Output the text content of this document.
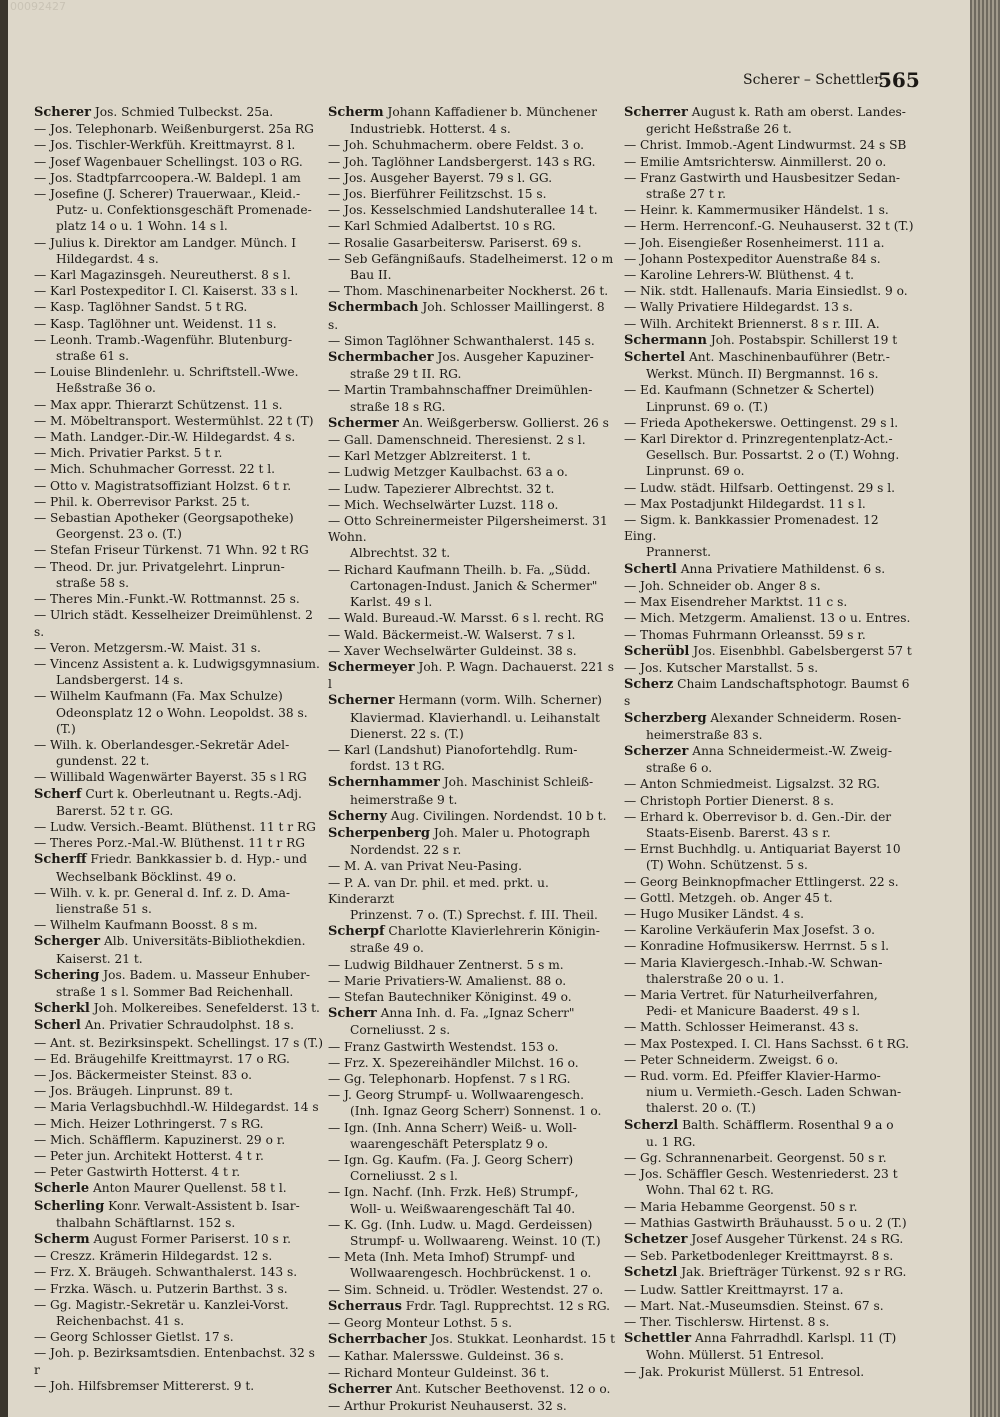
00092427
Scherer – Schettler.
565
Scherer Jos. Schmied Tulbeckst. 25a.
— Jos. Telephonarb. Weißenburgerst. 25a RG
— Jos. Tischler-Werkfüh. Kreittmayrst. 8 l.
— Josef Wagenbauer Schellingst. 103 o RG.
— Jos. Stadtpfarrcoopera.-W. Baldepl. 1 am
— Josefine (J. Scherer) Trauerwaar., Kleid.-
Putz- u. Confektionsgeschäft Promenade-
platz 14 o u. 1 Wohn. 14 s l.
— Julius k. Direktor am Landger. Münch. I
Hildegardst. 4 s.
— Karl Magazinsgeh. Neureutherst. 8 s l.
— Karl Postexpeditor I. Cl. Kaiserst. 33 s l.
— Kasp. Taglöhner Sandst. 5 t RG.
— Kasp. Taglöhner unt. Weidenst. 11 s.
— Leonh. Tramb.-Wagenführ. Blutenburg-
straße 61 s.
— Louise Blindenlehr. u. Schriftstell.-Wwe.
Heßstraße 36 o.
— Max appr. Thierarzt Schützenst. 11 s.
— M. Möbeltransport. Westermühlst. 22 t (T)
— Math. Landger.-Dir.-W. Hildegardst. 4 s.
— Mich. Privatier Parkst. 5 t r.
— Mich. Schuhmacher Gorresst. 22 t l.
— Otto v. Magistratsoffiziant Holzst. 6 t r.
— Phil. k. Oberrevisor Parkst. 25 t.
— Sebastian Apotheker (Georgsapotheke)
Georgenst. 23 o. (T.)
— Stefan Friseur Türkenst. 71 Whn. 92 t RG
— Theod. Dr. jur. Privatgelehrt. Linprun-
straße 58 s.
— Theres Min.-Funkt.-W. Rottmannst. 25 s.
— Ulrich städt. Kesselheizer Dreimühlenst. 2 s.
— Veron. Metzgersm.-W. Maist. 31 s.
— Vincenz Assistent a. k. Ludwigsgymnasium.
Landsbergerst. 14 s.
— Wilhelm Kaufmann (Fa. Max Schulze)
Odeonsplatz 12 o Wohn. Leopoldst. 38 s. (T.)
— Wilh. k. Oberlandesger.-Sekretär Adel-
gundenst. 22 t.
— Willibald Wagenwärter Bayerst. 35 s l RG
Scherf Curt k. Oberleutnant u. Regts.-Adj.
Barerst. 52 t r. GG.
— Ludw. Versich.-Beamt. Blüthenst. 11 t r RG
— Theres Porz.-Mal.-W. Blüthenst. 11 t r RG
Scherff Friedr. Bankkassier b. d. Hyp.- und
Wechselbank Böcklinst. 49 o.
— Wilh. v. k. pr. General d. Inf. z. D. Ama-
lienstraße 51 s.
— Wilhelm Kaufmann Boosst. 8 s m.
Scherger Alb. Universitäts-Bibliothekdien.
Kaiserst. 21 t.
Schering Jos. Badem. u. Masseur Enhuber-
straße 1 s l. Sommer Bad Reichenhall.
Scherkl Joh. Molkereibes. Senefelderst. 13 t.
Scherl An. Privatier Schraudolphst. 18 s.
— Ant. st. Bezirksinspekt. Schellingst. 17 s (T.)
— Ed. Bräugehilfe Kreittmayrst. 17 o RG.
— Jos. Bäckermeister Steinst. 83 o.
— Jos. Bräugeh. Linprunst. 89 t.
— Maria Verlagsbuchhdl.-W. Hildegardst. 14 s
— Mich. Heizer Lothringerst. 7 s RG.
— Mich. Schäfflerm. Kapuzinerst. 29 o r.
— Peter jun. Architekt Hotterst. 4 t r.
— Peter Gastwirth Hotterst. 4 t r.
Scherle Anton Maurer Quellenst. 58 t l.
Scherling Konr. Verwalt-Assistent b. Isar-
thalbahn Schäftlarnst. 152 s.
Scherm August Former Pariserst. 10 s r.
— Creszz. Krämerin Hildegardst. 12 s.
— Frz. X. Bräugeh. Schwanthalerst. 143 s.
— Frzka. Wäsch. u. Putzerin Barthst. 3 s.
— Gg. Magistr.-Sekretär u. Kanzlei-Vorst.
Reichenbachst. 41 s.
— Georg Schlosser Gietlst. 17 s.
— Joh. p. Bezirksamtsdien. Entenbachst. 32 s r
— Joh. Hilfsbremser Mittererst. 9 t.
Scherm Johann Kaffadiener b. Münchener
Industriebk. Hotterst. 4 s.
— Joh. Schuhmacherm. obere Feldst. 3 o.
— Joh. Taglöhner Landsbergerst. 143 s RG.
— Jos. Ausgeher Bayerst. 79 s l. GG.
— Jos. Bierführer Feilitzschst. 15 s.
— Jos. Kesselschmied Landshuterallee 14 t.
— Karl Schmied Adalbertst. 10 s RG.
— Rosalie Gasarbeitersw. Pariserst. 69 s.
— Seb Gefängnißaufs. Stadelheimerst. 12 o m
Bau II.
— Thom. Maschinenarbeiter Nockherst. 26 t.
Schermbach Joh. Schlosser Maillingerst. 8 s.
— Simon Taglöhner Schwanthalerst. 145 s.
Schermbacher Jos. Ausgeher Kapuziner-
straße 29 t II. RG.
— Martin Trambahnschaffner Dreimühlen-
straße 18 s RG.
Schermer An. Weißgerbersw. Gollierst. 26 s
— Gall. Damenschneid. Theresienst. 2 s l.
— Karl Metzger Ablzreiterst. 1 t.
— Ludwig Metzger Kaulbachst. 63 a o.
— Ludw. Tapezierer Albrechtst. 32 t.
— Mich. Wechselwärter Luzst. 118 o.
— Otto Schreinermeister Pilgersheimerst. 31 Wohn.
Albrechtst. 32 t.
— Richard Kaufmann Theilh. b. Fa. „Südd.
Cartonagen-Indust. Janich & Schermer"
Karlst. 49 s l.
— Wald. Bureaud.-W. Marsst. 6 s l. recht. RG
— Wald. Bäckermeist.-W. Walserst. 7 s l.
— Xaver Wechselwärter Guldeinst. 38 s.
Schermeyer Joh. P. Wagn. Dachauerst. 221 s l
Scherner Hermann (vorm. Wilh. Scherner)
Klaviermad. Klavierhandl. u. Leihanstalt
Dienerst. 22 s. (T.)
— Karl (Landshut) Pianofortehdlg. Rum-
fordst. 13 t RG.
Schernhammer Joh. Maschinist Schleiß-
heimerstraße 9 t.
Scherny Aug. Civilingen. Nordendst. 10 b t.
Scherpenberg Joh. Maler u. Photograph
Nordendst. 22 s r.
— M. A. van Privat Neu-Pasing.
— P. A. van Dr. phil. et med. prkt. u. Kinderarzt
Prinzenst. 7 o. (T.) Sprechst. f. III. Theil.
Scherpf Charlotte Klavierlehrerin Königin-
straße 49 o.
— Ludwig Bildhauer Zentnerst. 5 s m.
— Marie Privatiers-W. Amalienst. 88 o.
— Stefan Bautechniker Königinst. 49 o.
Scherr Anna Inh. d. Fa. „Ignaz Scherr"
Corneliusst. 2 s.
— Franz Gastwirth Westendst. 153 o.
— Frz. X. Spezereihändler Milchst. 16 o.
— Gg. Telephonarb. Hopfenst. 7 s l RG.
— J. Georg Strumpf- u. Wollwaarengesch.
(Inh. Ignaz Georg Scherr) Sonnenst. 1 o.
— Ign. (Inh. Anna Scherr) Weiß- u. Woll-
waarengeschäft Petersplatz 9 o.
— Ign. Gg. Kaufm. (Fa. J. Georg Scherr)
Corneliusst. 2 s l.
— Ign. Nachf. (Inh. Frzk. Heß) Strumpf-,
Woll- u. Weißwaarengeschäft Tal 40.
— K. Gg. (Inh. Ludw. u. Magd. Gerdeissen)
Strumpf- u. Wollwaareng. Weinst. 10 (T.)
— Meta (Inh. Meta Imhof) Strumpf- und
Wollwaarengesch. Hochbrückenst. 1 o.
— Sim. Schneid. u. Trödler. Westendst. 27 o.
Scherraus Frdr. Tagl. Rupprechtst. 12 s RG.
— Georg Monteur Lothst. 5 s.
Scherrbacher Jos. Stukkat. Leonhardst. 15 t
— Kathar. Malersswe. Guldeinst. 36 s.
— Richard Monteur Guldeinst. 36 t.
Scherrer Ant. Kutscher Beethovenst. 12 o o.
— Arthur Prokurist Neuhauserst. 32 s.
Scherrer August k. Rath am oberst. Landes-
gericht Heßstraße 26 t.
— Christ. Immob.-Agent Lindwurmst. 24 s SB
— Emilie Amtsrichtersw. Ainmillerst. 20 o.
— Franz Gastwirth und Hausbesitzer Sedan-
straße 27 t r.
— Heinr. k. Kammermusiker Händelst. 1 s.
— Herm. Herrenconf.-G. Neuhauserst. 32 t (T.)
— Joh. Eisengießer Rosenheimerst. 111 a.
— Johann Postexpeditor Auenstraße 84 s.
— Karoline Lehrers-W. Blüthenst. 4 t.
— Nik. stdt. Hallenaufs. Maria Einsiedlst. 9 o.
— Wally Privatiere Hildegardst. 13 s.
— Wilh. Architekt Briennerst. 8 s r. III. A.
Schermann Joh. Postabspir. Schillerst 19 t
Schertel Ant. Maschinenbauführer (Betr.-
Werkst. Münch. II) Bergmannst. 16 s.
— Ed. Kaufmann (Schnetzer & Schertel)
Linprunst. 69 o. (T.)
— Frieda Apothekerswe. Oettingenst. 29 s l.
— Karl Direktor d. Prinzregentenplatz-Act.-
Gesellsch. Bur. Possartst. 2 o (T.) Wohng.
Linprunst. 69 o.
— Ludw. städt. Hilfsarb. Oettingenst. 29 s l.
— Max Postadjunkt Hildegardst. 11 s l.
— Sigm. k. Bankkassier Promenadest. 12 Eing.
Prannerst.
Schertl Anna Privatiere Mathildenst. 6 s.
— Joh. Schneider ob. Anger 8 s.
— Max Eisendreher Marktst. 11 c s.
— Mich. Metzgerm. Amalienst. 13 o u. Entres.
— Thomas Fuhrmann Orleansst. 59 s r.
Scherübl Jos. Eisenbhbl. Gabelsbergerst 57 t
— Jos. Kutscher Marstallst. 5 s.
Scherz Chaim Landschaftsphotogr. Baumst 6 s
Scherzberg Alexander Schneiderm. Rosen-
heimerstraße 83 s.
Scherzer Anna Schneidermeist.-W. Zweig-
straße 6 o.
— Anton Schmiedmeist. Ligsalzst. 32 RG.
— Christoph Portier Dienerst. 8 s.
— Erhard k. Oberrevisor b. d. Gen.-Dir. der
Staats-Eisenb. Barerst. 43 s r.
— Ernst Buchhdlg. u. Antiquariat Bayerst 10
(T) Wohn. Schützenst. 5 s.
— Georg Beinknopfmacher Ettlingerst. 22 s.
— Gottl. Metzgeh. ob. Anger 45 t.
— Hugo Musiker Ländst. 4 s.
— Karoline Verkäuferin Max Josefst. 3 o.
— Konradine Hofmusikersw. Herrnst. 5 s l.
— Maria Klaviergesch.-Inhab.-W. Schwan-
thalerstraße 20 o u. 1.
— Maria Vertret. für Naturheilverfahren,
Pedi- et Manicure Baaderst. 49 s l.
— Matth. Schlosser Heimeranst. 43 s.
— Max Postexped. I. Cl. Hans Sachsst. 6 t RG.
— Peter Schneiderm. Zweigst. 6 o.
— Rud. vorm. Ed. Pfeiffer Klavier-Harmo-
nium u. Vermieth.-Gesch. Laden Schwan-
thalerst. 20 o. (T.)
Scherzl Balth. Schäfflerm. Rosenthal 9 a o
u. 1 RG.
— Gg. Schrannenarbeit. Georgenst. 50 s r.
— Jos. Schäffler Gesch. Westenriederst. 23 t
Wohn. Thal 62 t. RG.
— Maria Hebamme Georgenst. 50 s r.
— Mathias Gastwirth Bräuhausst. 5 o u. 2 (T.)
Schetzer Josef Ausgeher Türkenst. 24 s RG.
— Seb. Parketbodenleger Kreittmayrst. 8 s.
Schetzl Jak. Briefträger Türkenst. 92 s r RG.
— Ludw. Sattler Kreittmayrst. 17 a.
— Mart. Nat.-Museumsdien. Steinst. 67 s.
— Ther. Tischlersw. Hirtenst. 8 s.
Schettler Anna Fahrradhdl. Karlspl. 11 (T)
Wohn. Müllerst. 51 Entresol.
— Jak. Prokurist Müllerst. 51 Entresol.
